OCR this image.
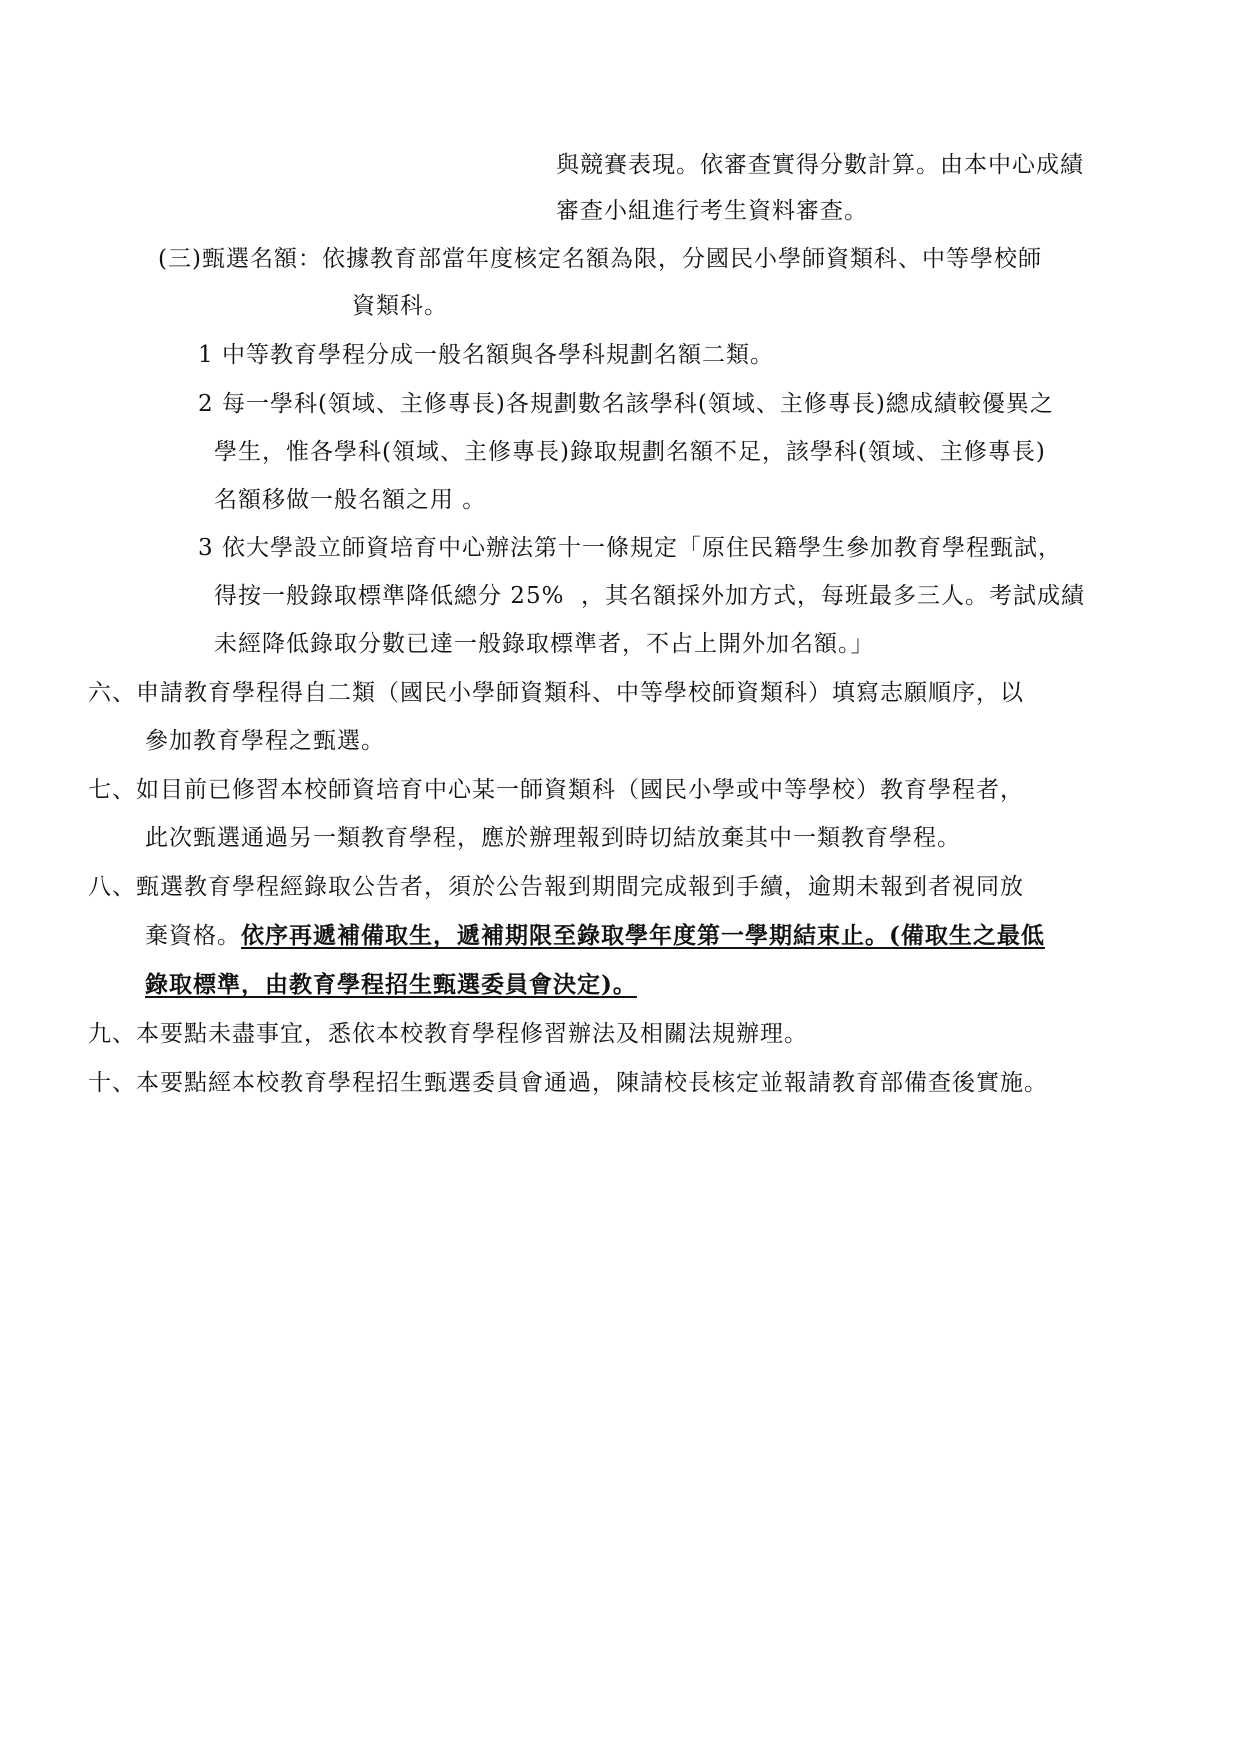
與競賽表現。依審查實得分數計算。由本中心成績
審查小組進行考生資料審查。
(三)甄選名額：依據教育部當年度核定名額為限，分國民小學師資類科、中等學校師
資類科。
1 中等教育學程分成一般名額與各學科規劃名額二類。
2 每一學科(領域、主修專長)各規劃數名該學科(領域、主修專長)總成績較優異之
學生，惟各學科(領域、主修專長)錄取規劃名額不足，該學科(領域、主修專長)
名額移做一般名額之用 。
3 依大學設立師資培育中心辦法第十一條規定「原住民籍學生參加教育學程甄試，
得按一般錄取標準降低總分 25%  ，其名額採外加方式，每班最多三人。考試成績
未經降低錄取分數已達一般錄取標準者，不占上開外加名額。」
六、申請教育學程得自二類（國民小學師資類科、中等學校師資類科）填寫志願順序，以
參加教育學程之甄選。
七、如目前已修習本校師資培育中心某一師資類科（國民小學或中等學校）教育學程者，
此次甄選通過另一類教育學程，應於辦理報到時切結放棄其中一類教育學程。
八、甄選教育學程經錄取公告者，須於公告報到期間完成報到手續，逾期未報到者視同放
棄資格。依序再遞補備取生，遞補期限至錄取學年度第一學期結束止。(備取生之最低
錄取標準，由教育學程招生甄選委員會決定)。
九、本要點未盡事宜，悉依本校教育學程修習辦法及相關法規辦理。
十、本要點經本校教育學程招生甄選委員會通過，陳請校長核定並報請教育部備查後實施。
